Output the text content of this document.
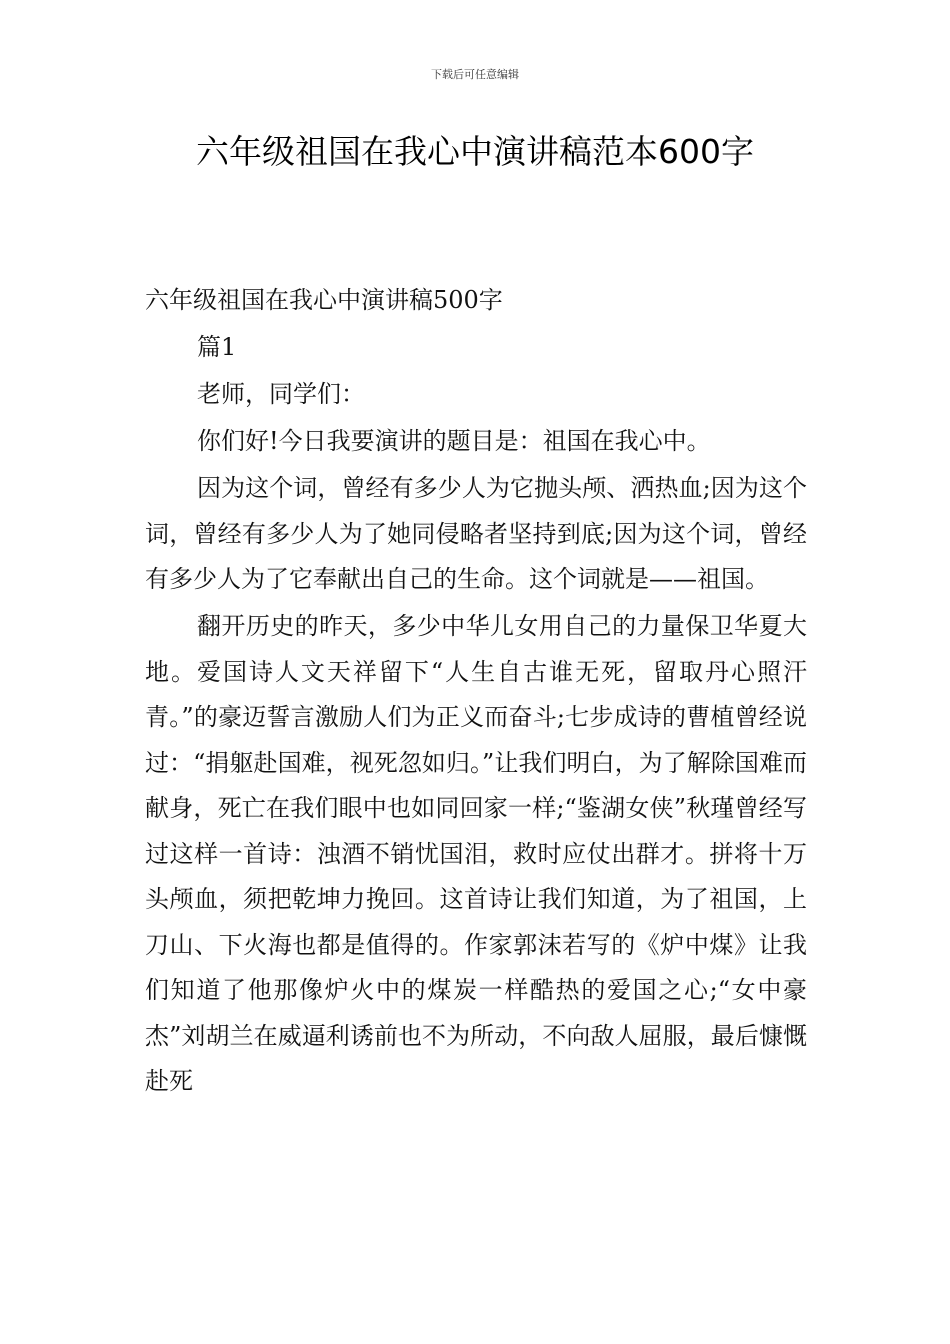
下载后可任意编辑
六年级祖国在我心中演讲稿范本600字

六年级祖国在我心中演讲稿500字

篇1

老师，同学们：

你们好!今日我要演讲的题目是：祖国在我心中。

因为这个词，曾经有多少人为它抛头颅、洒热血;因为这个词，曾经有多少人为了她同侵略者坚持到底;因为这个词，曾经有多少人为了它奉献出自己的生命。这个词就是——祖国。

翻开历史的昨天，多少中华儿女用自己的力量保卫华夏大地。爱国诗人文天祥留下“人生自古谁无死，留取丹心照汗青。”的豪迈誓言激励人们为正义而奋斗;七步成诗的曹植曾经说过：“捐躯赴国难，视死忽如归。”让我们明白，为了解除国难而献身，死亡在我们眼中也如同回家一样;“鉴湖女侠”秋瑾曾经写过这样一首诗：浊酒不销忧国泪，救时应仗出群才。拼将十万头颅血，须把乾坤力挽回。这首诗让我们知道，为了祖国，上刀山、下火海也都是值得的。作家郭沫若写的《炉中煤》让我们知道了他那像炉火中的煤炭一样酷热的爱国之心;“女中豪杰”刘胡兰在威逼利诱前也不为所动，不向敌人屈服，最后慷慨赴死
